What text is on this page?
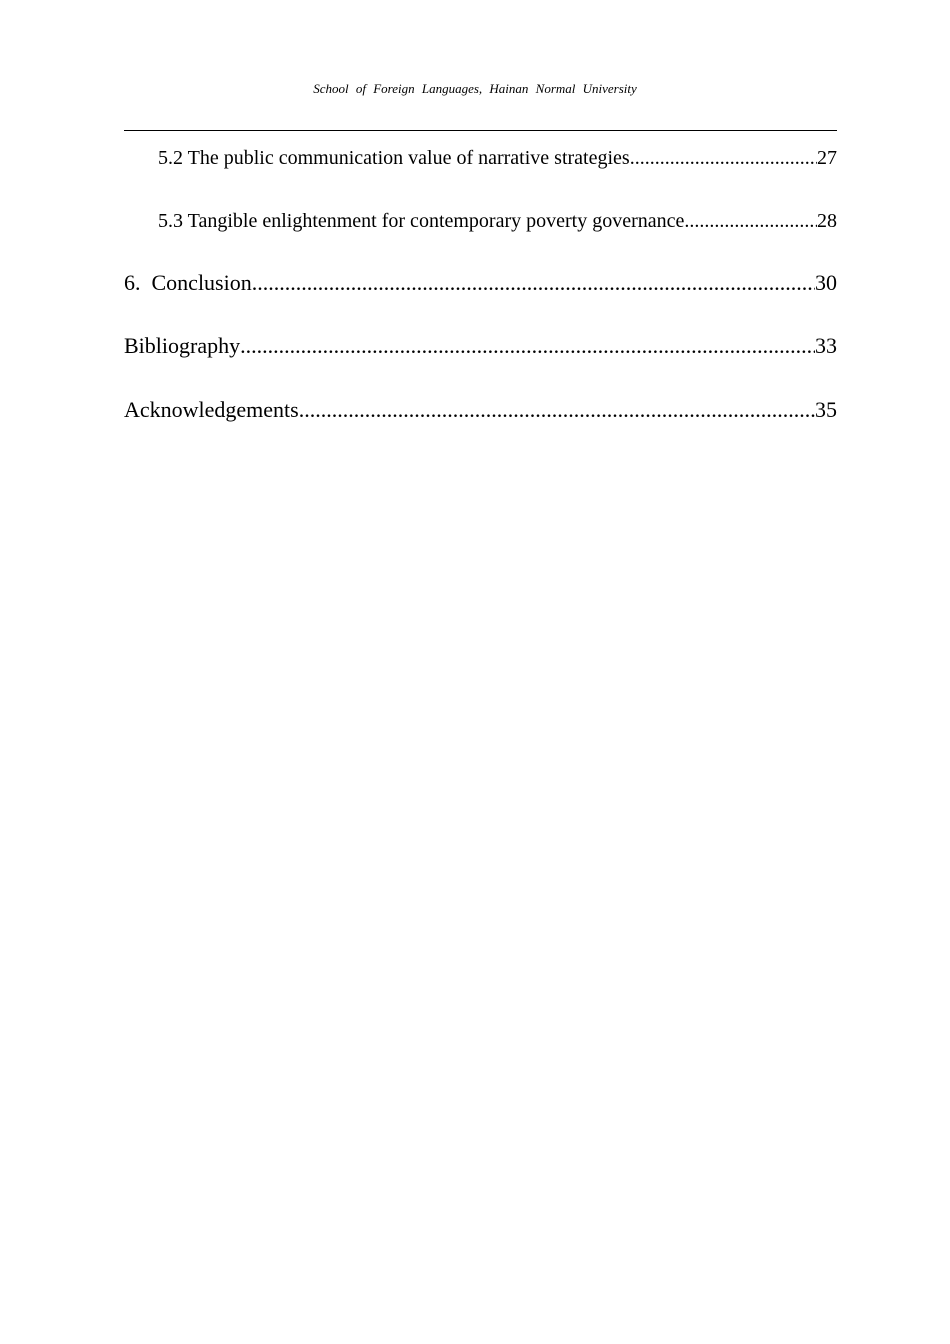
School of Foreign Languages, Hainan Normal University
5.2 The public communication value of narrative strategies .....	27
5.3 Tangible enlightenment for contemporary poverty governance .....	28
6.  Conclusion .....	30
Bibliography .....	33
Acknowledgements .....	35
